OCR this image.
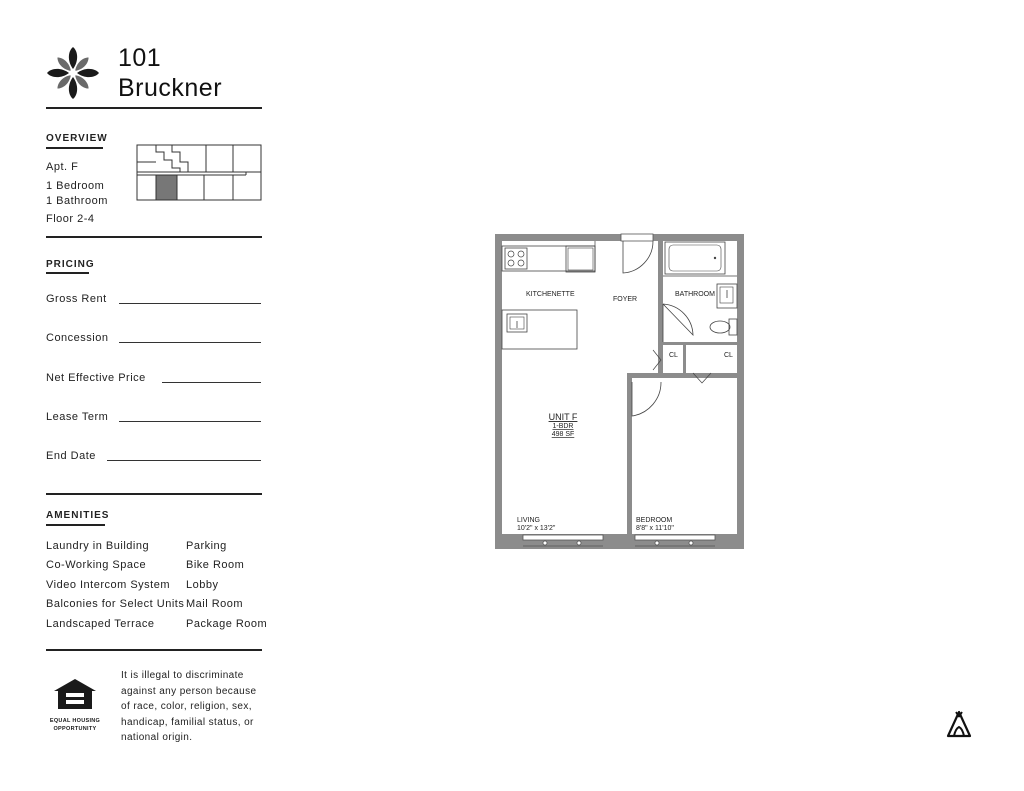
101
Bruckner
OVERVIEW
Apt. F
1 Bedroom
1 Bathroom
Floor 2-4
PRICING
Gross Rent
Concession
Net Effective Price
Lease Term
End Date
AMENITIES
Laundry in Building
Co-Working Space
Video Intercom System
Balconies for Select Units
Landscaped Terrace
Parking
Bike Room
Lobby
Mail Room
Package Room
EQUAL HOUSING
OPPORTUNITY
It is illegal to discriminate
against any person because
of race, color, religion, sex,
handicap, familial status, or
national origin.
KITCHENETTE
FOYER
BATHROOM
CL	CL
UNIT F
1-BDR
498 SF
LIVING
10'2" x 13'2"
BEDROOM
8'8" x 11'10"
